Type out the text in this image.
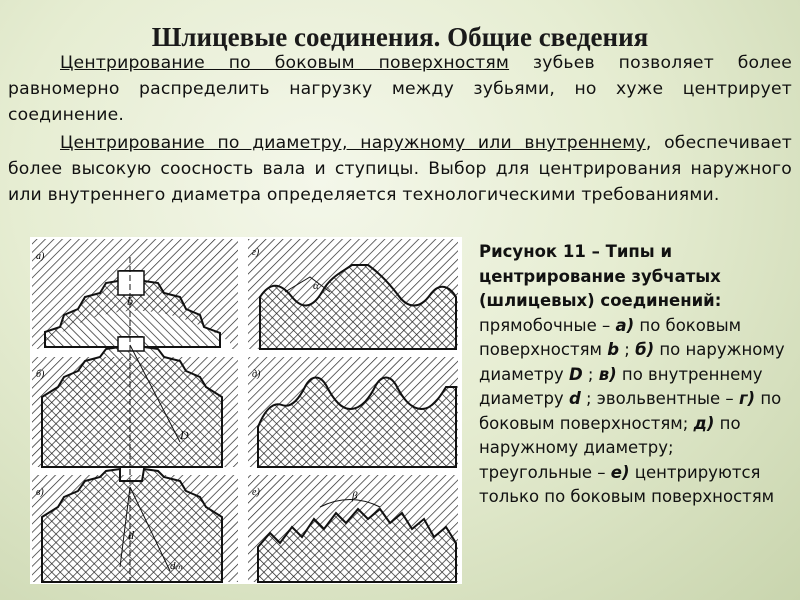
Шлицевые соединения. Общие сведения
Центрирование по боковым поверхностям зубьев позволяет более равномерно распределить нагрузку между зубьями, но хуже центрирует соединение.
Центрирование по диаметру, наружному или внутреннему, обеспечивает более высокую соосность вала и ступицы. Выбор для центрирования наружного или внутреннего диаметра определяется технологическими требованиями.
а)
b
б)
D
в)
d
dₘ
г)
α
д)
е)	β
Рисунок 11 – Типы и центрирование зубчатых (шлицевых) соединений: прямобочные – а) по боковым поверхностям b ; б) по наружному диаметру D ; в) по внутреннему диаметру d ; эвольвентные – г) по боковым поверхностям; д) по наружному диаметру; треугольные – е) центрируются только по боковым поверхностям
